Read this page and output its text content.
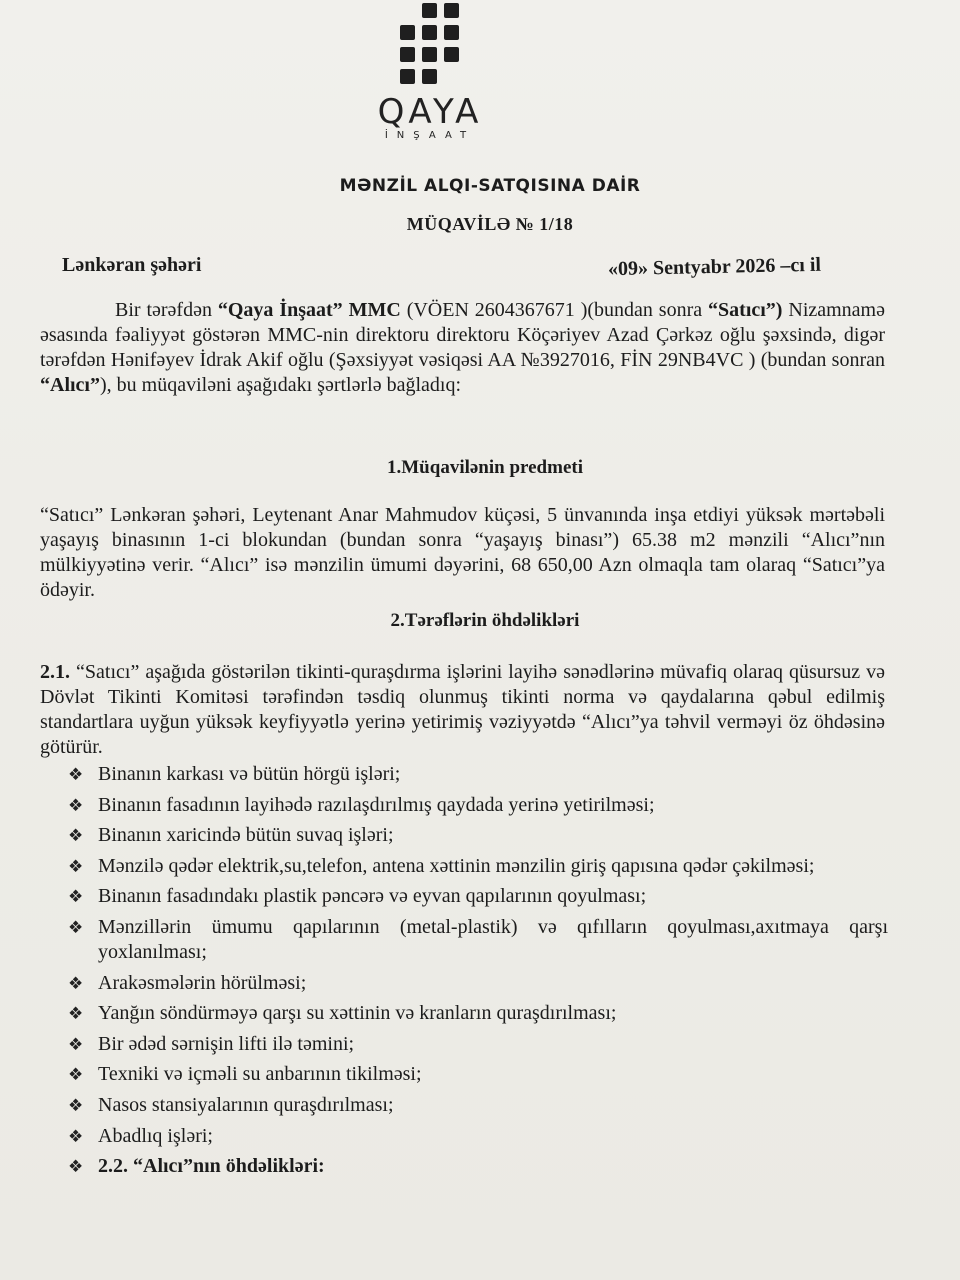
QAYA
İNŞAAT
MƏNZİL ALQI-SATQISINA DAİR
MÜQAVİLƏ № 1/18
Lənkəran şəhəri	«09» Sentyabr 2026 –cı il
Bir tərəfdən “Qaya İnşaat” MMC (VÖEN 2604367671 )(bundan sonra “Satıcı”) Nizamnamə əsasında fəaliyyət göstərən MMC-nin direktoru direktoru Köçəriyev Azad Çərkəz oğlu şəxsində, digər tərəfdən Hənifəyev İdrak Akif oğlu (Şəxsiyyət vəsiqəsi AA №3927016, FİN 29NB4VC ) (bundan sonran “Alıcı”), bu müqaviləni aşağıdakı şərtlərlə bağladıq:
1.Müqavilənin predmeti
“Satıcı” Lənkəran şəhəri, Leytenant Anar Mahmudov küçəsi, 5 ünvanında inşa etdiyi yüksək mərtəbəli yaşayış binasının 1-ci blokundan (bundan sonra “yaşayış binası”) 65.38 m2 mənzili “Alıcı”nın mülkiyyətinə verir. “Alıcı” isə mənzilin ümumi dəyərini, 68 650,00 Azn olmaqla tam olaraq “Satıcı”ya ödəyir.
2.Tərəflərin öhdəlikləri
2.1. “Satıcı” aşağıda göstərilən tikinti-quraşdırma işlərini layihə sənədlərinə müvafiq olaraq qüsursuz və Dövlət Tikinti Komitəsi tərəfindən təsdiq olunmuş tikinti norma və qaydalarına qəbul edilmiş standartlara uyğun yüksək keyfiyyətlə yerinə yetirimiş vəziyyətdə “Alıcı”ya təhvil verməyi öz öhdəsinə götürür.
❖ Binanın karkası və bütün hörgü işləri;
❖ Binanın fasadının layihədə razılaşdırılmış qaydada yerinə yetirilməsi;
❖ Binanın xaricində bütün suvaq işləri;
❖ Mənzilə qədər elektrik,su,telefon, antena xəttinin mənzilin giriş qapısına qədər çəkilməsi;
❖ Binanın fasadındakı plastik pəncərə və eyvan qapılarının qoyulması;
❖ Mənzillərin ümumu qapılarının (metal-plastik) və qıfılların qoyulması,axıtmaya qarşı yoxlanılması;
❖ Arakəsmələrin hörülməsi;
❖ Yanğın söndürməyə qarşı su xəttinin və kranların quraşdırılması;
❖ Bir ədəd sərnişin lifti ilə təmini;
❖ Texniki və içməli su anbarının tikilməsi;
❖ Nasos stansiyalarının quraşdırılması;
❖ Abadlıq işləri;
❖ 2.2. “Alıcı”nın öhdəlikləri:
